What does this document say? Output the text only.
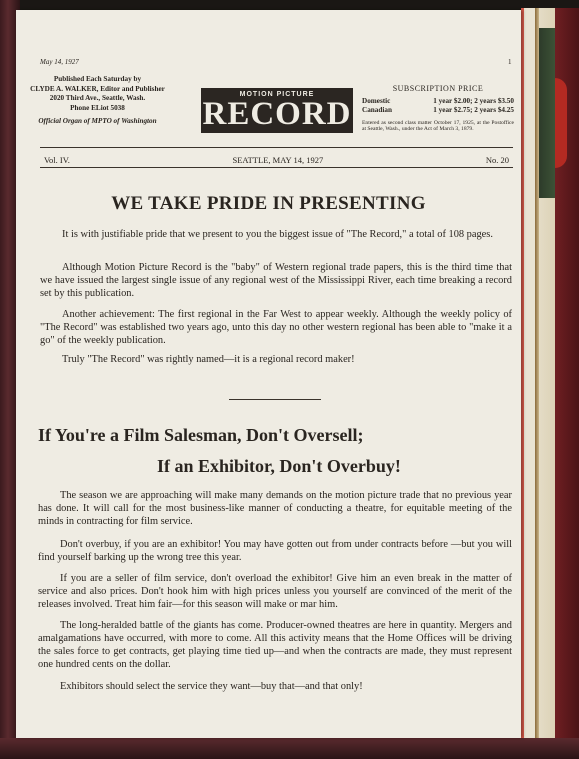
May 14, 1927	1
Published Each Saturday by
CLYDE A. WALKER, Editor and Publisher
2020 Third Ave., Seattle, Wash.
Phone ELiot 5038
Official Organ of MPTO of Washington
MOTION PICTURE
RECORD
SUBSCRIPTION PRICE
Domestic	1 year $2.00; 2 years $3.50
Canadian	1 year $2.75; 2 years $4.25
Entered as second class matter October 17, 1925, at the Postoffice at Seattle, Wash., under the Act of March 3, 1879.
Vol. IV.	SEATTLE, MAY 14, 1927	No. 20
WE TAKE PRIDE IN PRESENTING
It is with justifiable pride that we present to you the biggest issue of "The Record," a total of 108 pages.
Although Motion Picture Record is the "baby" of Western regional trade papers, this is the third time that we have issued the largest single issue of any regional west of the Mississippi River, each time breaking a record set by this publication.
Another achievement: The first regional in the Far West to appear weekly. Although the weekly policy of "The Record" was established two years ago, unto this day no other western regional has been able to "make it a go" of the weekly publication.
Truly "The Record" was rightly named—it is a regional record maker!
If You're a Film Salesman, Don't Oversell;
If an Exhibitor, Don't Overbuy!
The season we are approaching will make many demands on the motion picture trade that no previous year has done. It will call for the most business-like manner of conducting a theatre, for equitable meeting of the minds in contracting for film service.
Don't overbuy, if you are an exhibitor! You may have gotten out from under contracts before —but you will find yourself barking up the wrong tree this year.
If you are a seller of film service, don't overload the exhibitor! Give him an even break in the matter of service and also prices. Don't hook him with high prices unless you yourself are convinced of the merit of the releases involved. Treat him fair—for this season will make or mar him.
The long-heralded battle of the giants has come. Producer-owned theatres are here in quantity. Mergers and amalgamations have occurred, with more to come. All this activity means that the Home Offices will be driving the sales force to get contracts, get playing time tied up—and when the contracts are made, they must represent one hundred cents on the dollar.
Exhibitors should select the service they want—buy that—and that only!
